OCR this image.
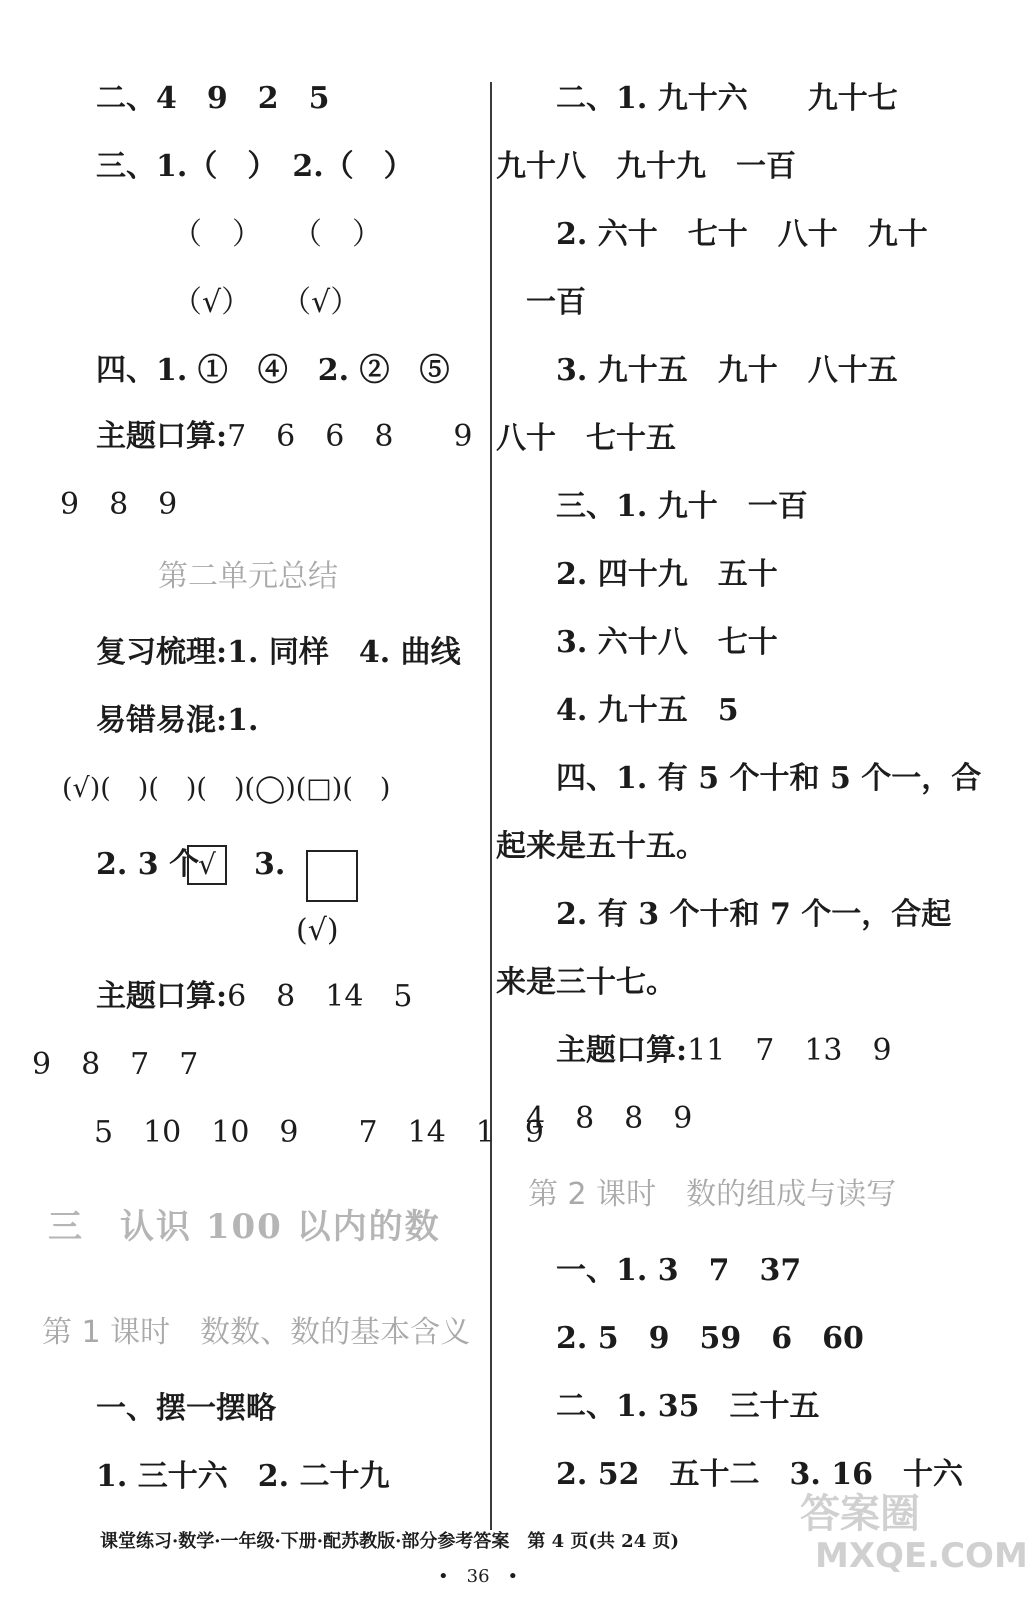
二、4　9　2　5
三、1.（　）　2.（　）
（　）　　（　）
（√）　　（√）
四、1. ①　④　2. ②　⑤
主题口算:7　6　6　8　　9
9　8　9
第二单元总结
复习梳理:1. 同样　4. 曲线
易错易混:1.
(√)(　)(　)(　)(◯)(□)(　)
2. 3 个
√	3.
(√)
主题口算:6　8　14　5
9　8　7　7
5　10　10　9　　7　14　1　9
三　认识 100 以内的数
第 1 课时　数数、数的基本含义
一、摆一摆略
1. 三十六　2. 二十九
二、1. 九十六　　九十七
九十八　九十九　一百
2. 六十　七十　八十　九十
一百
3. 九十五　九十　八十五
八十　七十五
三、1. 九十　一百
2. 四十九　五十
3. 六十八　七十
4. 九十五　5
四、1. 有 5 个十和 5 个一，合
起来是五十五。
2. 有 3 个十和 7 个一，合起
来是三十七。
主题口算:11　7　13　9
4　8　8　9
第 2 课时　数的组成与读写
一、1. 3　7　37
2. 5　9　59　6　60
二、1. 35　三十五
2. 52　五十二　3. 16　十六
课堂练习·数学·一年级·下册·配苏教版·部分参考答案　第 4 页(共 24 页)
•　36　•
答案圈
MXQE.COM
